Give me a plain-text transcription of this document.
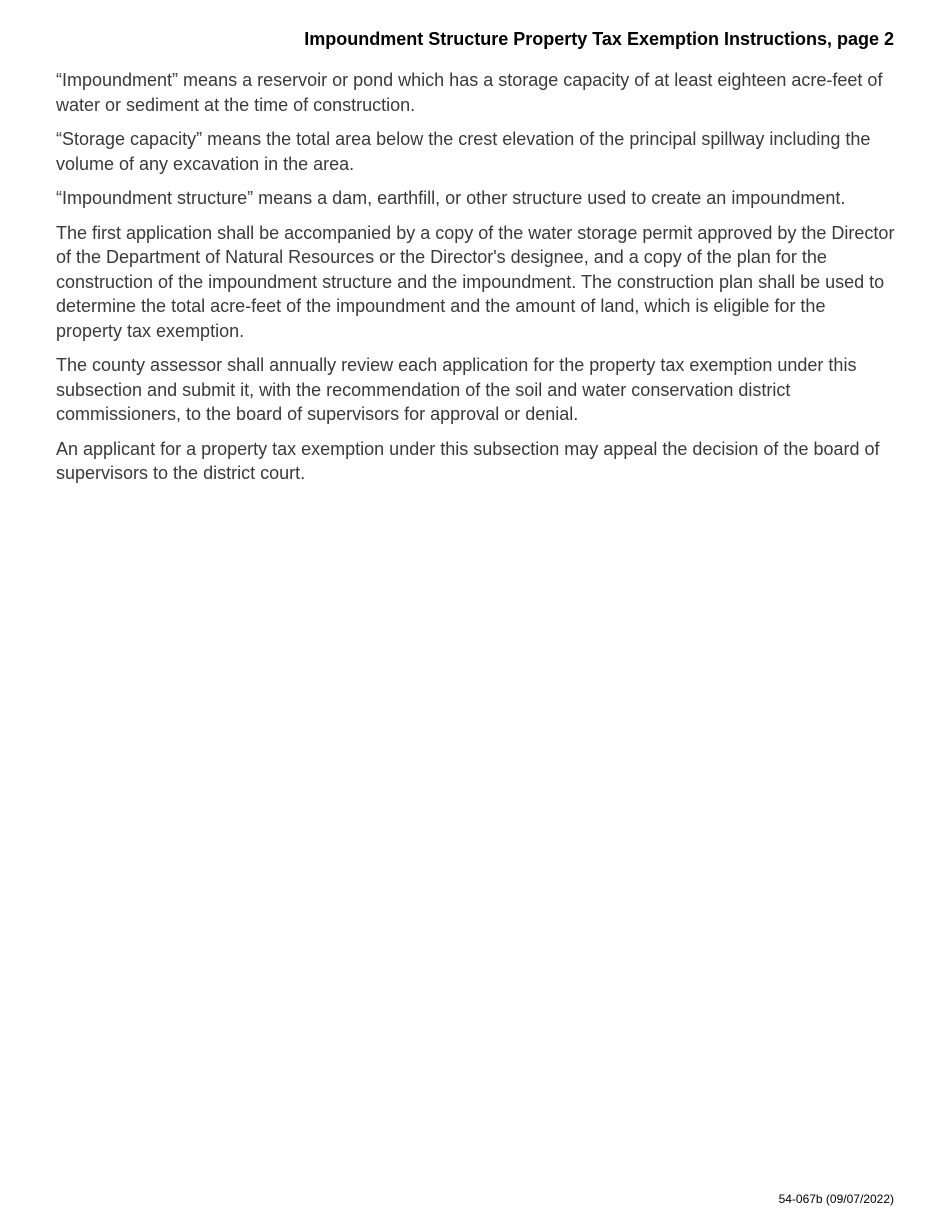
Impoundment Structure Property Tax Exemption Instructions, page 2

“Impoundment” means a reservoir or pond which has a storage capacity of at least eighteen acre-feet of water or sediment at the time of construction.

“Storage capacity” means the total area below the crest elevation of the principal spillway including the volume of any excavation in the area.

“Impoundment structure” means a dam, earthfill, or other structure used to create an impoundment.

The first application shall be accompanied by a copy of the water storage permit approved by the Director of the Department of Natural Resources or the Director's designee, and a copy of the plan for the construction of the impoundment structure and the impoundment. The construction plan shall be used to determine the total acre-feet of the impoundment and the amount of land, which is eligible for the property tax exemption.

The county assessor shall annually review each application for the property tax exemption under this subsection and submit it, with the recommendation of the soil and water conservation district commissioners, to the board of supervisors for approval or denial.

An applicant for a property tax exemption under this subsection may appeal the decision of the board of supervisors to the district court.

54-067b (09/07/2022)
